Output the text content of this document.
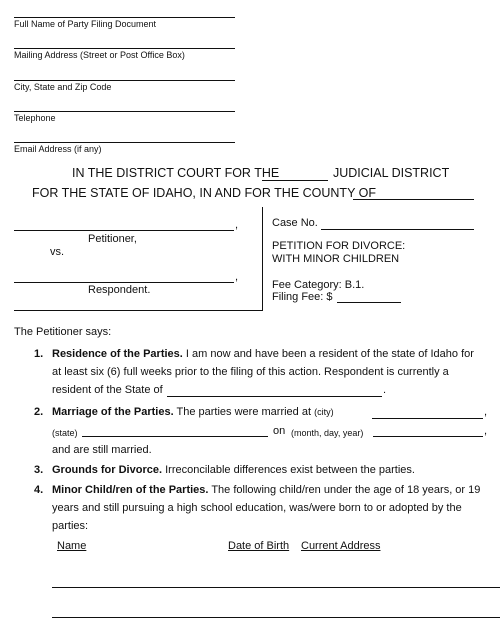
Full Name of Party Filing Document
Mailing Address (Street or Post Office Box)
City, State and Zip Code
Telephone
Email Address (if any)
IN THE DISTRICT COURT FOR THE	JUDICIAL DISTRICT
FOR THE STATE OF IDAHO, IN AND FOR THE COUNTY OF
,
Petitioner,
vs.
,
Respondent.
Case No.
PETITION FOR DIVORCE:
WITH MINOR CHILDREN
Fee Category: B.1.
Filing Fee: $
The Petitioner says:
1. Residence of the Parties. I am now and have been a resident of the state of Idaho for
at least six (6) full weeks prior to the filing of this action. Respondent is currently a
resident of the State of	.
2. Marriage of the Parties. The parties were married at (city)	,
(state)	on (month, day, year)	,
and are still married.
3. Grounds for Divorce. Irreconcilable differences exist between the parties.
4. Minor Child/ren of the Parties. The following child/ren under the age of 18 years, or 19
years and still pursuing a high school education, was/were born to or adopted by the
parties:
Name	Date of Birth Current Address
